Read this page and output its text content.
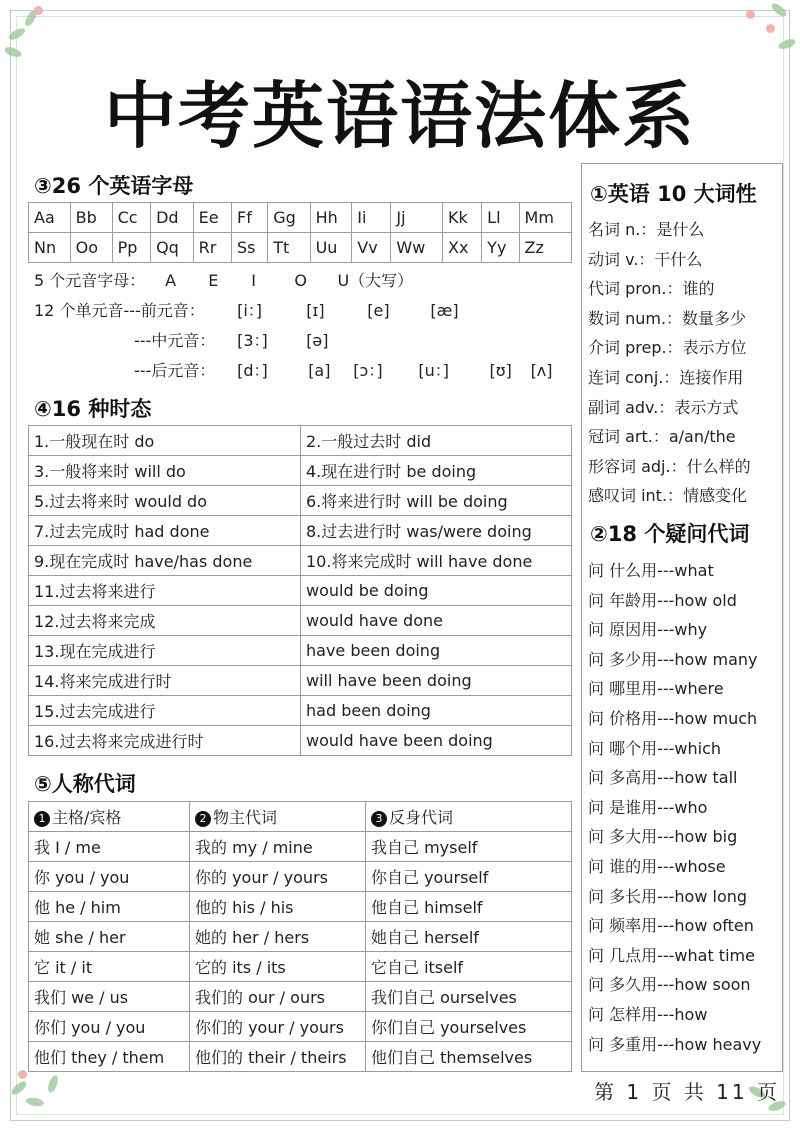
中考英语语法体系
③26 个英语字母
Aa	Bb	Cc	Dd	Ee	Ff	Gg	Hh	Ii	Jj	Kk	Ll	Mm
Nn	Oo	Pp	Qq	Rr	Ss	Tt	Uu	Vv	Ww	Xx	Yy	Zz
5 个元音字母： A E I O U（大写）
12 个单元音---前元音： [i：]	[ɪ]	[e]	[æ]
---中元音： [3：] [ə]
---后元音： [d：]	[a] [ɔ：] [u：]	[ʊ] [ʌ]
④16 种时态
1.一般现在时 do	2.一般过去时 did
3.一般将来时 will do	4.现在进行时 be doing
5.过去将来时 would do	6.将来进行时 will be doing
7.过去完成时 had done	8.过去进行时 was/were doing
9.现在完成时 have/has done	10.将来完成时 will have done
11.过去将来进行	would be doing
12.过去将来完成	would have done
13.现在完成进行	have been doing
14.将来完成进行时	will have been doing
15.过去完成进行	had been doing
16.过去将来完成进行时	would have been doing
⑤人称代词
1 主格/宾格	2 物主代词	3 反身代词
我 I / me	我的 my / mine	我自己 myself
你 you / you	你的 your / yours	你自己 yourself
他 he / him	他的 his / his	他自己 himself
她 she / her	她的 her / hers	她自己 herself
它 it / it	它的 its / its	它自己 itself
我们 we / us	我们的 our / ours	我们自己 ourselves
你们 you / you	你们的 your / yours	你们自己 yourselves
他们 they / them	他们的 their / theirs	他们自己 themselves
①英语 10 大词性
名词 n.：是什么
动词 v.：干什么
代词 pron.：谁的
数词 num.：数量多少
介词 prep.：表示方位
连词 conj.：连接作用
副词 adv.：表示方式
冠词 art.：a/an/the
形容词 adj.：什么样的
感叹词 int.：情感变化
②18 个疑问代词
问 什么用---what
问 年龄用---how old
问 原因用---why
问 多少用---how many
问 哪里用---where
问 价格用---how much
问 哪个用---which
问 多高用---how tall
问 是谁用---who
问 多大用---how big
问 谁的用---whose
问 多长用---how long
问 频率用---how often
问 几点用---what time
问 多久用---how soon
问 怎样用---how
问 多重用---how heavy
第 1 页 共 11 页
